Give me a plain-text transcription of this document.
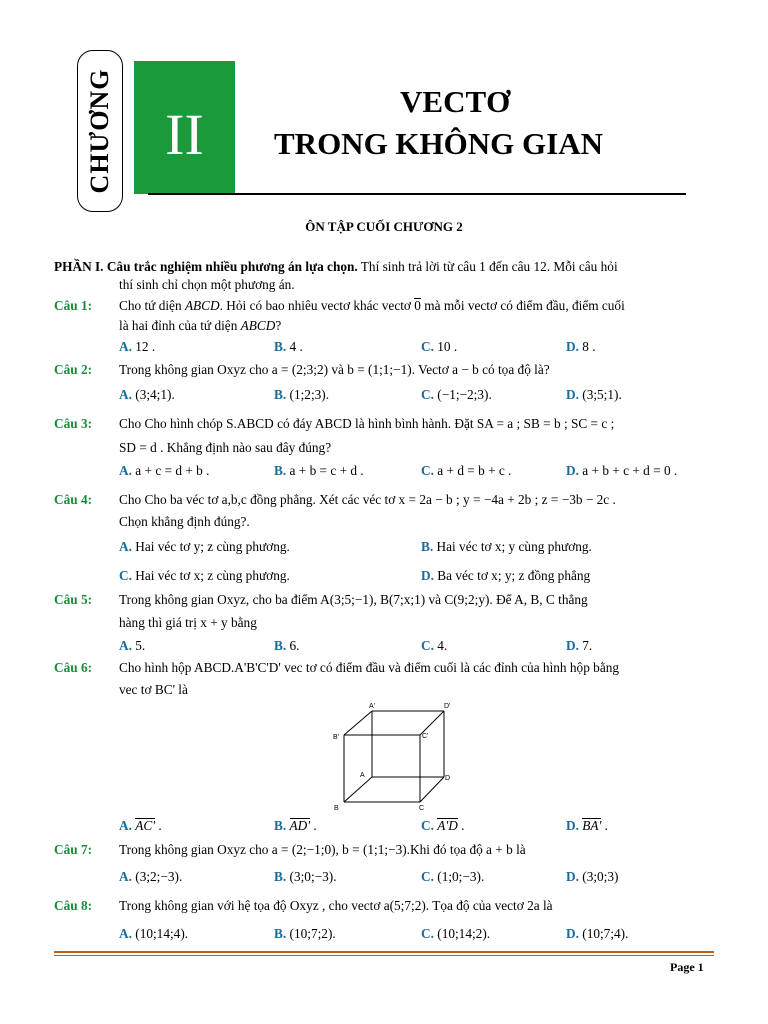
CHƯƠNG II
VECTƠ
TRONG KHÔNG GIAN
ÔN TẬP CUỐI CHƯƠNG 2
PHẦN I. Câu trắc nghiệm nhiều phương án lựa chọn. Thí sinh trả lời từ câu 1 đến câu 12. Mỗi câu hỏi
thí sinh chỉ chọn một phương án.
Câu 1: Cho tứ diện ABCD. Hỏi có bao nhiêu vectơ khác vectơ 0 mà mỗi vectơ có điểm đầu, điểm cuối
là hai đỉnh của tứ diện ABCD?
A. 12 .	B. 4 .	C. 10 .	D. 8 .
Câu 2: Trong không gian Oxyz cho a = (2;3;2) và b = (1;1;−1). Vectơ a − b có tọa độ là?
A. (3;4;1).	B. (1;2;3).	C. (−1;−2;3).	D. (3;5;1).
Câu 3: Cho Cho hình chóp S.ABCD có đáy ABCD là hình bình hành. Đặt SA = a ; SB = b ; SC = c ;
SD = d . Khẳng định nào sau đây đúng?
A. a + c = d + b .	B. a + b = c + d .	C. a + d = b + c .	D. a + b + c + d = 0 .
Câu 4: Cho Cho ba véc tơ a,b,c đồng phẳng. Xét các véc tơ x = 2a − b ; y = −4a + 2b ; z = −3b − 2c .
Chọn khẳng định đúng?.
A. Hai véc tơ y; z cùng phương.	B. Hai véc tơ x; y cùng phương.
C. Hai véc tơ x; z cùng phương.	D. Ba véc tơ x; y; z đồng phẳng
Câu 5: Trong không gian Oxyz, cho ba điểm A(3;5;−1), B(7;x;1) và C(9;2;y). Để A, B, C thẳng
hàng thì giá trị x + y bằng
A. 5.	B. 6.	C. 4.	D. 7.
Câu 6: Cho hình hộp ABCD.A'B'C'D' vec tơ có điểm đầu và điểm cuối là các đỉnh của hình hộp bằng
vec tơ BC' là
A'	D'
B'	C'
A	D
B	C
A. AC' .	B. AD' .	C. A'D .	D. BA' .
Câu 7: Trong không gian Oxyz cho a = (2;−1;0), b = (1;1;−3).Khi đó tọa độ a + b là
A. (3;2;−3).	B. (3;0;−3).	C. (1;0;−3).	D. (3;0;3)
Câu 8: Trong không gian với hệ tọa độ Oxyz , cho vectơ a(5;7;2). Tọa độ của vectơ 2a là
A. (10;14;4).	B. (10;7;2).	C. (10;14;2).	D. (10;7;4).
Page 1
